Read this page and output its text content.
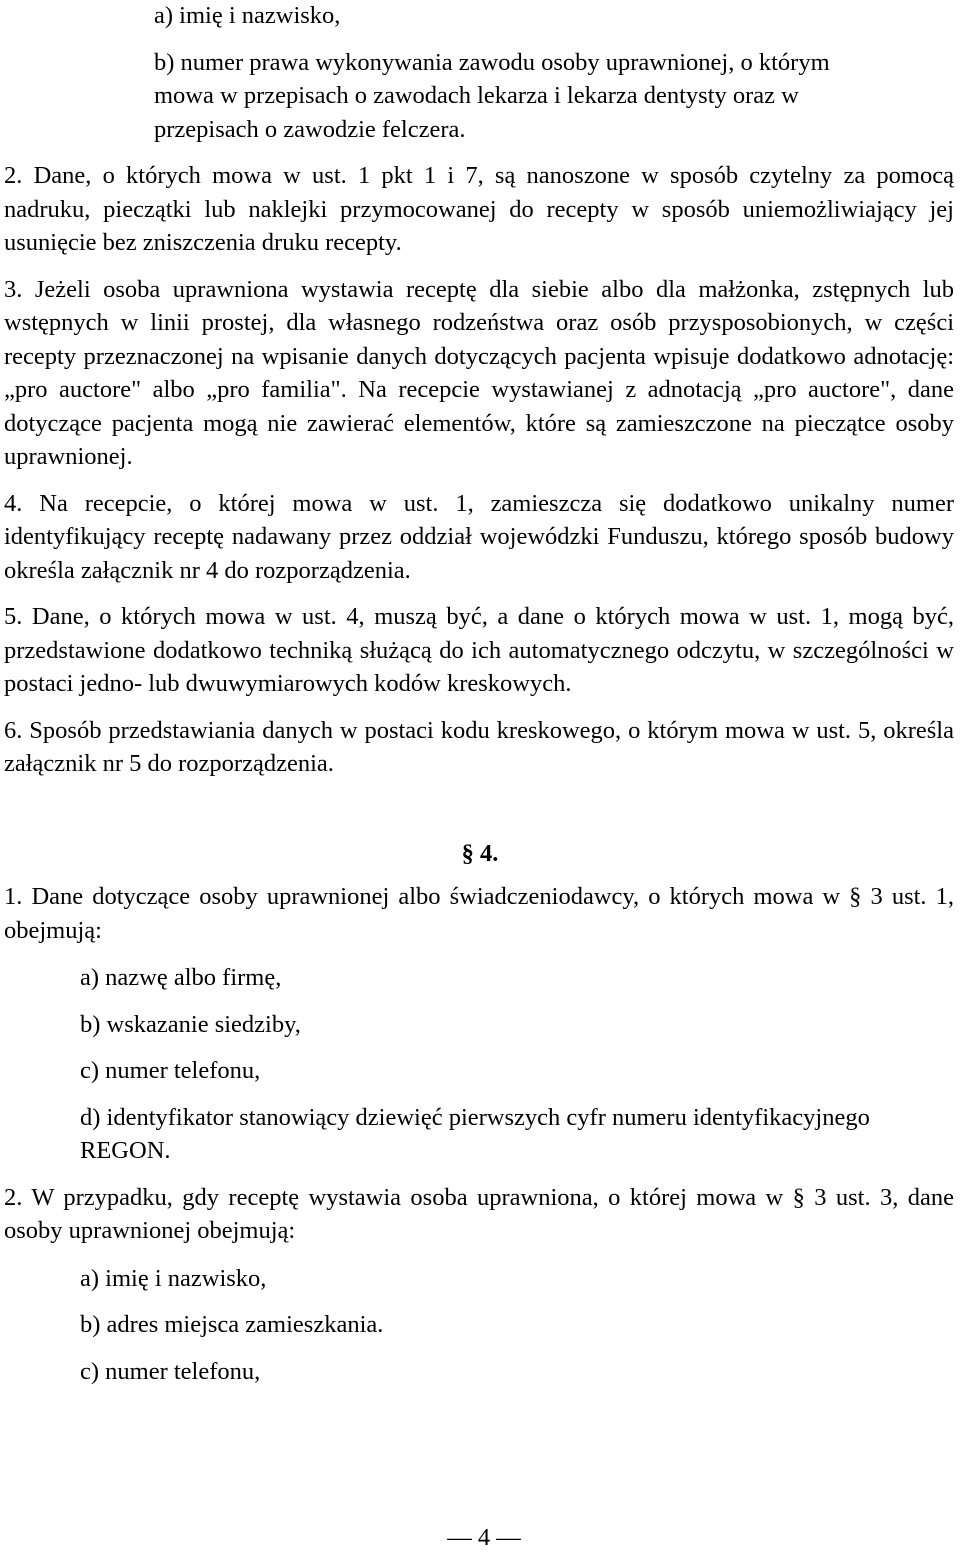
a) imię i nazwisko,

b) numer prawa wykonywania zawodu osoby uprawnionej, o którym mowa w przepisach o zawodach lekarza i lekarza dentysty oraz w przepisach o zawodzie felczera.

2. Dane, o których mowa w ust. 1 pkt 1 i 7, są nanoszone w sposób czytelny za pomocą nadruku, pieczątki lub naklejki przymocowanej do recepty w sposób uniemożliwiający jej usunięcie bez zniszczenia druku recepty.

3. Jeżeli osoba uprawniona wystawia receptę dla siebie albo dla małżonka, zstępnych lub wstępnych w linii prostej, dla własnego rodzeństwa oraz osób przysposobionych, w części recepty przeznaczonej na wpisanie danych dotyczących pacjenta wpisuje dodatkowo adnotację: „pro auctore" albo „pro familia". Na recepcie wystawianej z adnotacją „pro auctore", dane dotyczące pacjenta mogą nie zawierać elementów, które są zamieszczone na pieczątce osoby uprawnionej.

4. Na recepcie, o której mowa w ust. 1, zamieszcza się dodatkowo unikalny numer identyfikujący receptę nadawany przez oddział wojewódzki Funduszu, którego sposób budowy określa załącznik nr 4 do rozporządzenia.

5. Dane, o których mowa w ust. 4, muszą być, a dane o których mowa w ust. 1, mogą być, przedstawione dodatkowo techniką służącą do ich automatycznego odczytu, w szczególności w postaci jedno- lub dwuwymiarowych kodów kreskowych.

6. Sposób przedstawiania danych w postaci kodu kreskowego, o którym mowa w ust. 5, określa załącznik nr 5 do rozporządzenia.

§ 4.

1. Dane dotyczące osoby uprawnionej albo świadczeniodawcy, o których mowa w § 3 ust. 1, obejmują:

a) nazwę albo firmę,

b) wskazanie siedziby,

c) numer telefonu,

d) identyfikator stanowiący dziewięć pierwszych cyfr numeru identyfikacyjnego REGON.

2. W przypadku, gdy receptę wystawia osoba uprawniona, o której mowa w § 3 ust. 3, dane osoby uprawnionej obejmują:

a) imię i nazwisko,

b) adres miejsca zamieszkania.

c) numer telefonu,

— 4 —
